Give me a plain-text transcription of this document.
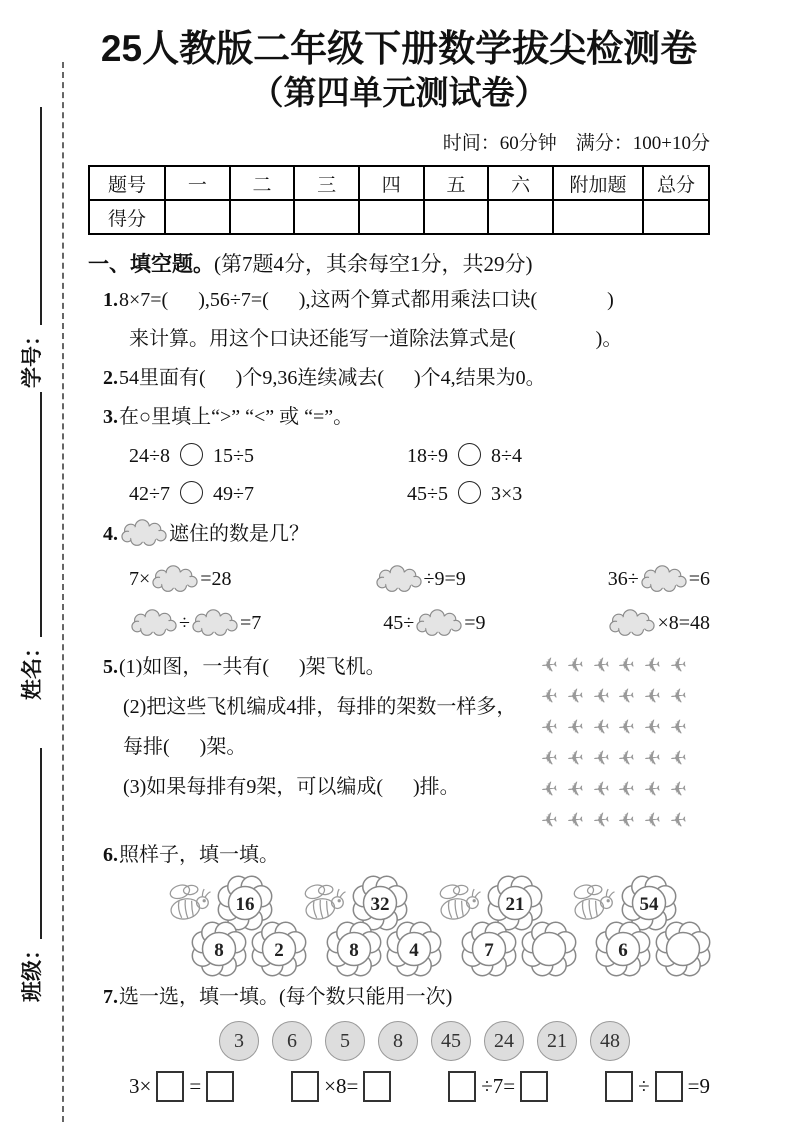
学号：
姓名：
班级：
25人教版二年级下册数学拔尖检测卷
（第四单元测试卷）
时间：60分钟    满分：100+10分
题号	一	二	三	四	五	六	附加题	总分
得分								
一、填空题。(第7题4分，其余每空1分，共29分)
1.8×7=(      ),56÷7=(      ),这两个算式都用乘法口诀(              )
来计算。用这个口诀还能写一道除法算式是(                )。
2.54里面有(      )个9,36连续减去(      )个4,结果为0。
3.在○里填上“>” “<” 或 “=”。
24÷8 15÷5	18÷9 8÷4
42÷7 49÷7	45÷5 3×3
4.	遮住的数是几？
7×	=28	÷9=9	36÷	=6
÷	=7	45÷	=9	×8=48
5.(1)如图，一共有(      )架飞机。
(2)把这些飞机编成4排，每排的架数一样多，每排(      )架。
(3)如果每排有9架，可以编成(      )排。
✈ ✈ ✈ ✈ ✈ ✈
✈ ✈ ✈ ✈ ✈ ✈
✈ ✈ ✈ ✈ ✈ ✈
✈ ✈ ✈ ✈ ✈ ✈
✈ ✈ ✈ ✈ ✈ ✈
✈ ✈ ✈ ✈ ✈ ✈
6.照样子，填一填。
16
8	2
32
8	4
21
7
54
6
7.选一选，填一填。(每个数只能用一次)
3	6	5	8	45	24	21	48
3× =	×8=	÷7=	÷ =9
